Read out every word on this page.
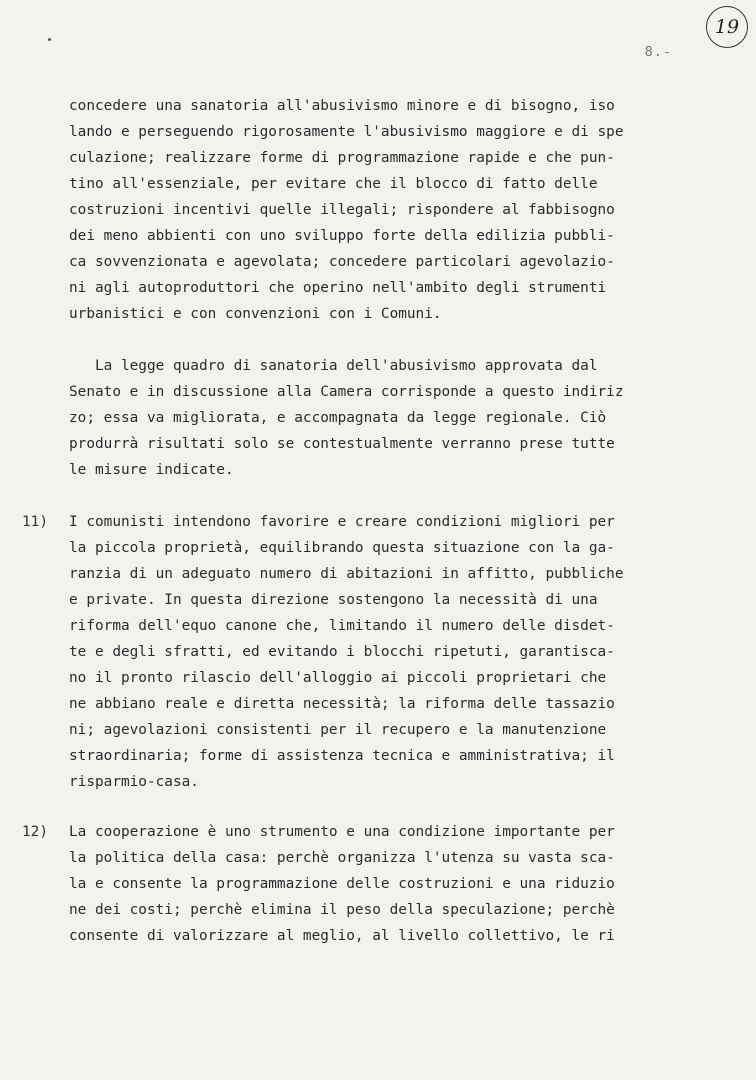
19
8.-
concedere una sanatoria all'abusivismo minore e di bisogno, iso
lando e perseguendo rigorosamente l'abusivismo maggiore e di spe
culazione; realizzare forme di programmazione rapide e che pun-
tino all'essenziale, per evitare che il blocco di fatto delle
costruzioni incentivi quelle illegali; rispondere al fabbisogno
dei meno abbienti con uno sviluppo forte della edilizia pubbli-
ca sovvenzionata e agevolata; concedere particolari agevolazio-
ni agli autoproduttori che operino nell'ambito degli strumenti
urbanistici e con convenzioni con i Comuni.
La legge quadro di sanatoria dell'abusivismo approvata dal
Senato e in discussione alla Camera corrisponde a questo indiriz
zo; essa va migliorata, e accompagnata da legge regionale. Ciò
produrrà risultati solo se contestualmente verranno prese tutte
le misure indicate.
11) I comunisti intendono favorire e creare condizioni migliori per
la piccola proprietà, equilibrando questa situazione con la ga-
ranzia di un adeguato numero di abitazioni in affitto, pubbliche
e private. In questa direzione sostengono la necessità di una
riforma dell'equo canone che, limitando il numero delle disdet-
te e degli sfratti, ed evitando i blocchi ripetuti, garantisca-
no il pronto rilascio dell'alloggio ai piccoli proprietari che
ne abbiano reale e diretta necessità; la riforma delle tassazio
ni; agevolazioni consistenti per il recupero e la manutenzione
straordinaria; forme di assistenza tecnica e amministrativa; il
risparmio-casa.
12) La cooperazione è uno strumento e una condizione importante per
la politica della casa: perchè organizza l'utenza su vasta sca-
la e consente la programmazione delle costruzioni e una riduzio
ne dei costi; perchè elimina il peso della speculazione; perchè
consente di valorizzare al meglio, al livello collettivo, le ri
